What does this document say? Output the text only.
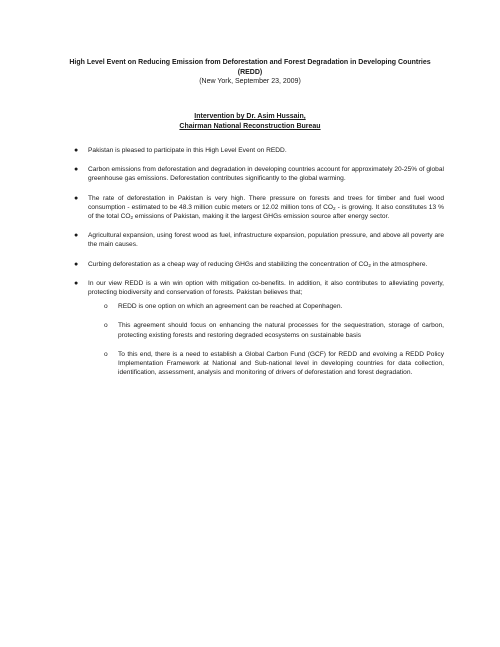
High Level Event on Reducing Emission from Deforestation and Forest Degradation in Developing Countries (REDD)
(New York, September 23, 2009)
Intervention by Dr. Asim Hussain,
Chairman National Reconstruction Bureau
● Pakistan is pleased to participate in this High Level Event on REDD.
● Carbon emissions from deforestation and degradation in developing countries account for approximately 20-25% of global greenhouse gas emissions. Deforestation contributes significantly to the global warming.
● The rate of deforestation in Pakistan is very high. There pressure on forests and trees for timber and fuel wood consumption - estimated to be 48.3 million cubic meters or 12.02 million tons of $CO_2$ - is growing. It also constitutes 13 % of the total $CO_2$ emissions of Pakistan, making it the largest GHGs emission source after energy sector.
● Agricultural expansion, using forest wood as fuel, infrastructure expansion, population pressure, and above all poverty are the main causes.
● Curbing deforestation as a cheap way of reducing GHGs and stabilizing the concentration of $CO_2$ in the atmosphere.
● In our view REDD is a win win option with mitigation co-benefits. In addition, it also contributes to alleviating poverty, protecting biodiversity and conservation of forests. Pakistan believes that;
o REDD is one option on which an agreement can be reached at Copenhagen.
o This agreement should focus on enhancing the natural processes for the sequestration, storage of carbon, protecting existing forests and restoring degraded ecosystems on sustainable basis
o To this end, there is a need to establish a Global Carbon Fund (GCF) for REDD and evolving a REDD Policy Implementation Framework at National and Sub-national level in developing countries for data collection, identification, assessment, analysis and monitoring of drivers of deforestation and forest degradation.
